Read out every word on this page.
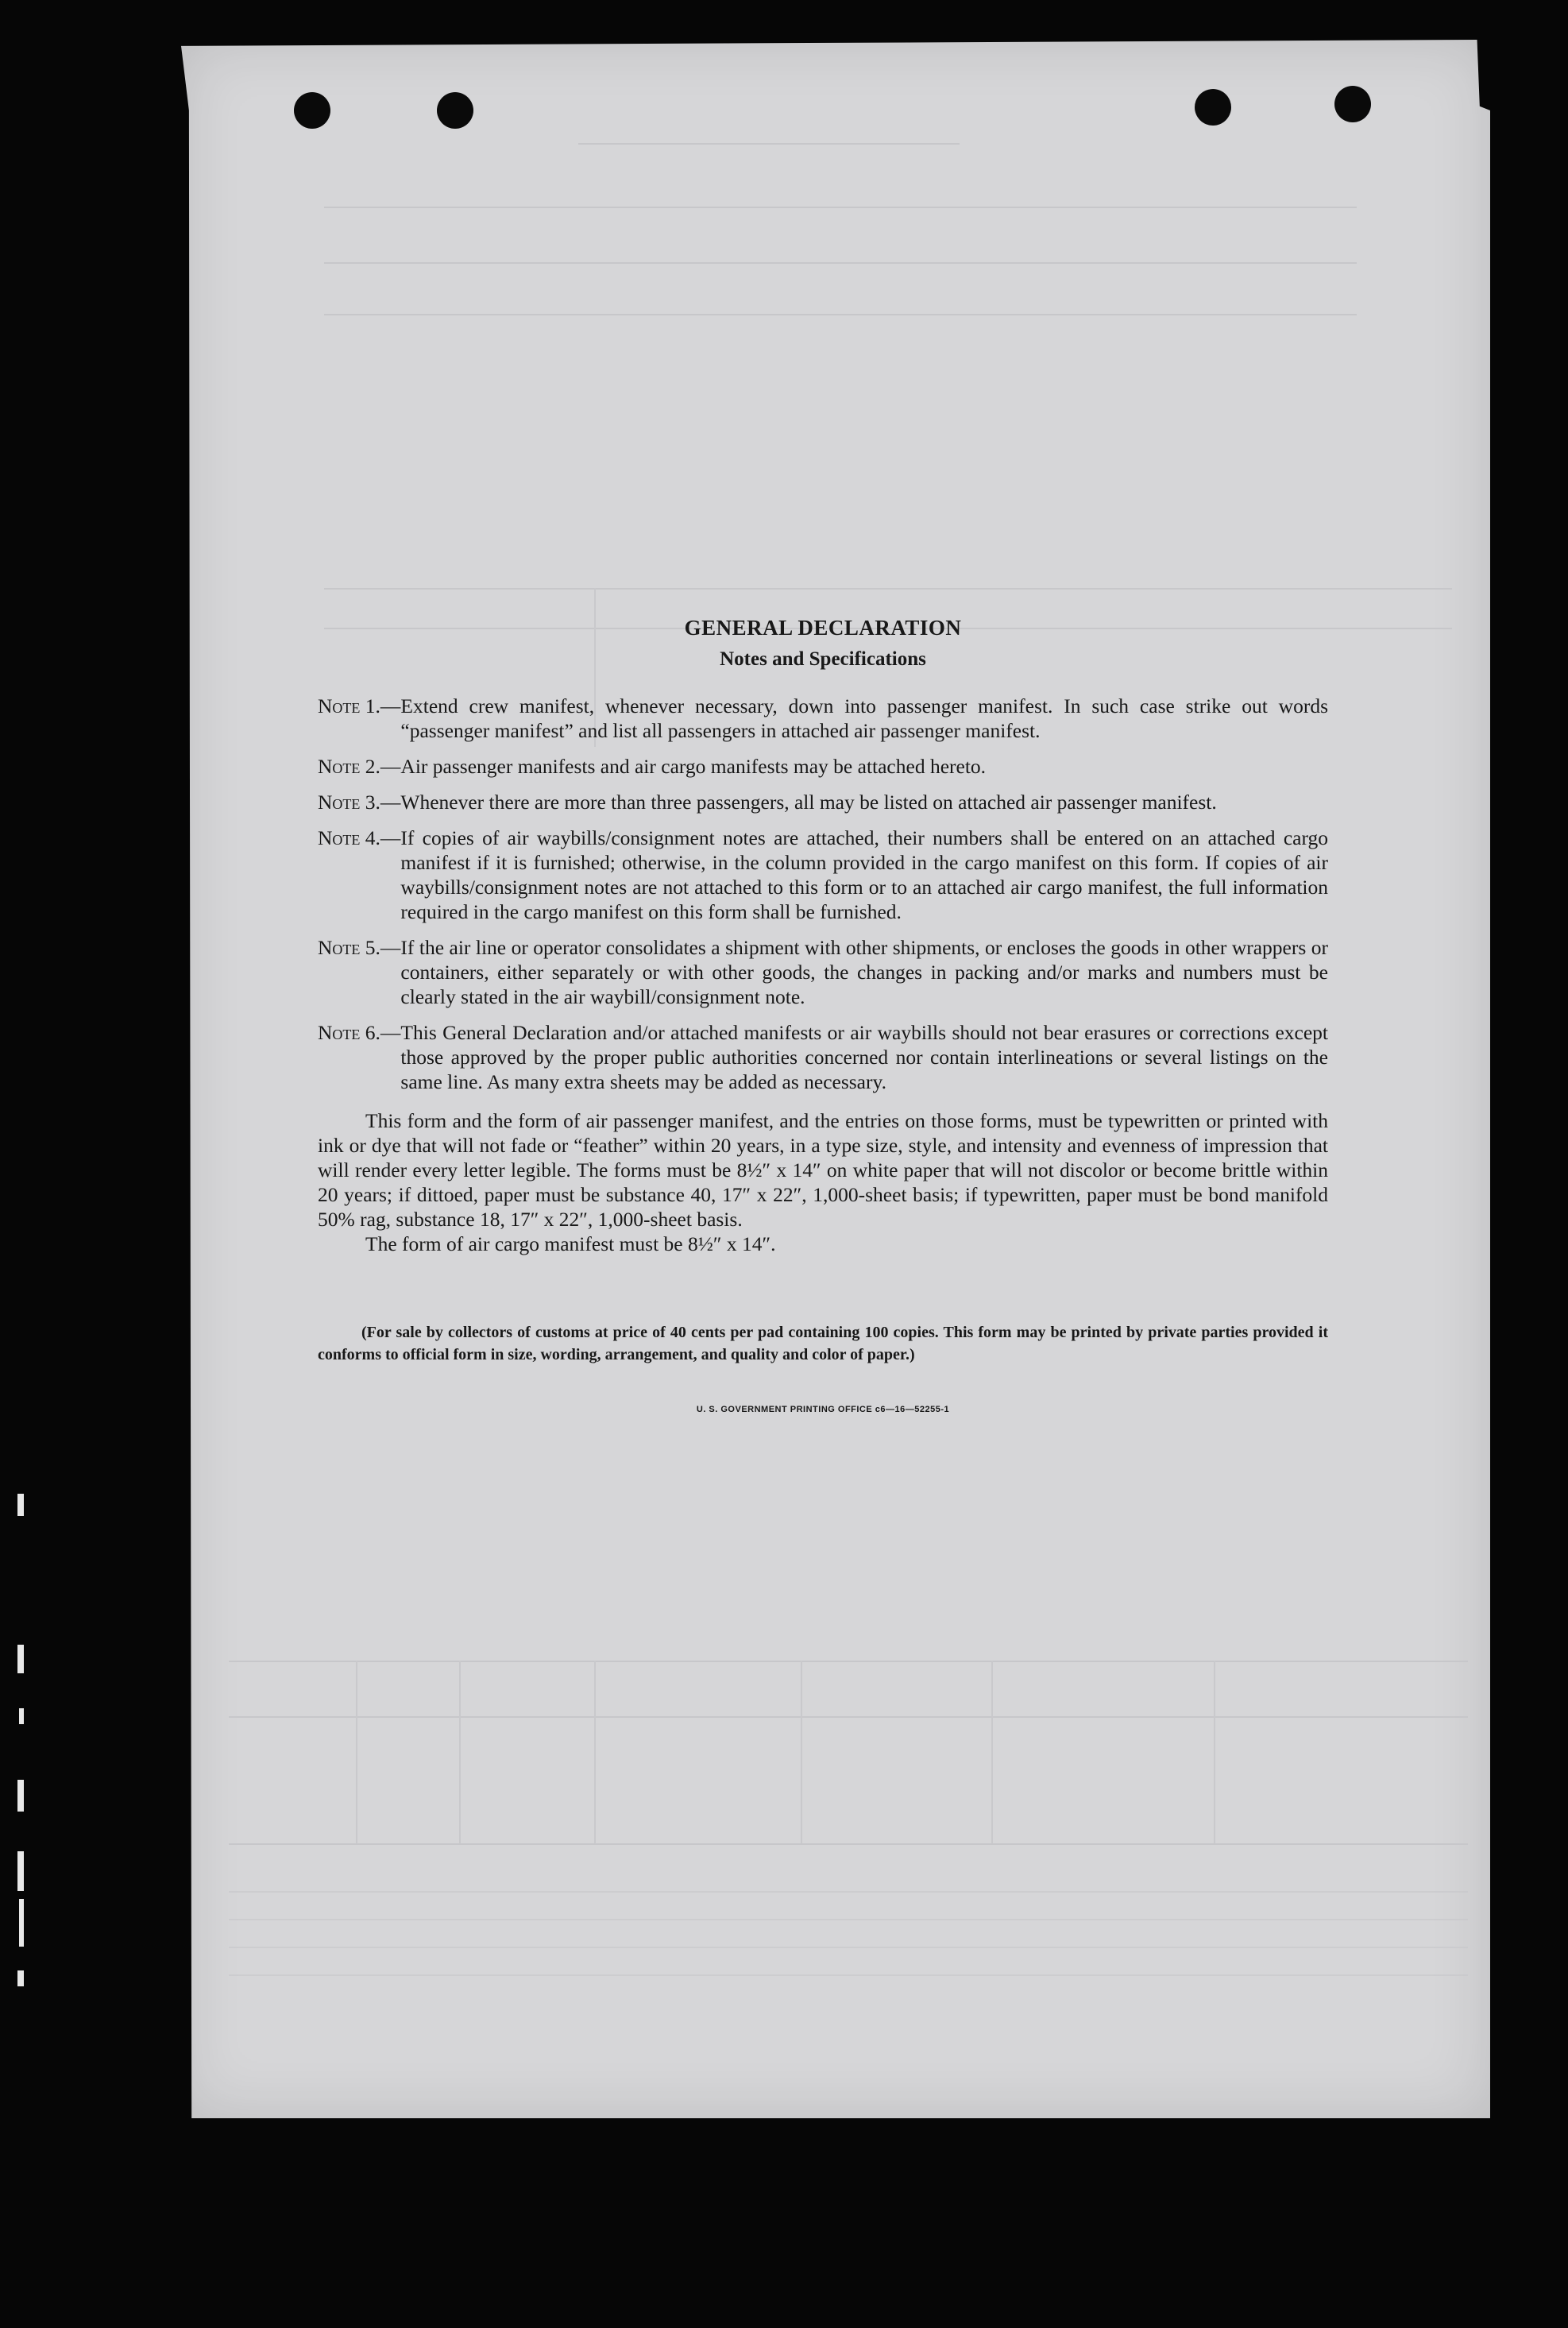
GENERAL DECLARATION
Notes and Specifications
Note 1. — Extend crew manifest, whenever necessary, down into passenger manifest. In such case strike out words “passenger manifest” and list all passengers in attached air passenger manifest.
Note 2. — Air passenger manifests and air cargo manifests may be attached hereto.
Note 3. — Whenever there are more than three passengers, all may be listed on attached air passenger manifest.
Note 4. — If copies of air waybills/consignment notes are attached, their numbers shall be entered on an attached cargo manifest if it is furnished; otherwise, in the column provided in the cargo manifest on this form. If copies of air waybills/consignment notes are not attached to this form or to an attached air cargo manifest, the full information required in the cargo manifest on this form shall be furnished.
Note 5. — If the air line or operator consolidates a shipment with other shipments, or encloses the goods in other wrappers or containers, either separately or with other goods, the changes in packing and/or marks and numbers must be clearly stated in the air waybill/consignment note.
Note 6. — This General Declaration and/or attached manifests or air waybills should not bear erasures or corrections except those approved by the proper public authorities concerned nor contain interlineations or several listings on the same line. As many extra sheets may be added as necessary.
This form and the form of air passenger manifest, and the entries on those forms, must be typewritten or printed with ink or dye that will not fade or “feather” within 20 years, in a type size, style, and intensity and evenness of impression that will render every letter legible. The forms must be 8½″ x 14″ on white paper that will not discolor or become brittle within 20 years; if dittoed, paper must be substance 40, 17″ x 22″, 1,000-sheet basis; if typewritten, paper must be bond manifold 50% rag, substance 18, 17″ x 22″, 1,000-sheet basis.
The form of air cargo manifest must be 8½″ x 14″.
(For sale by collectors of customs at price of 40 cents per pad containing 100 copies. This form may be printed by private parties provided it conforms to official form in size, wording, arrangement, and quality and color of paper.)
U. S. GOVERNMENT PRINTING OFFICE c6—16—52255-1
